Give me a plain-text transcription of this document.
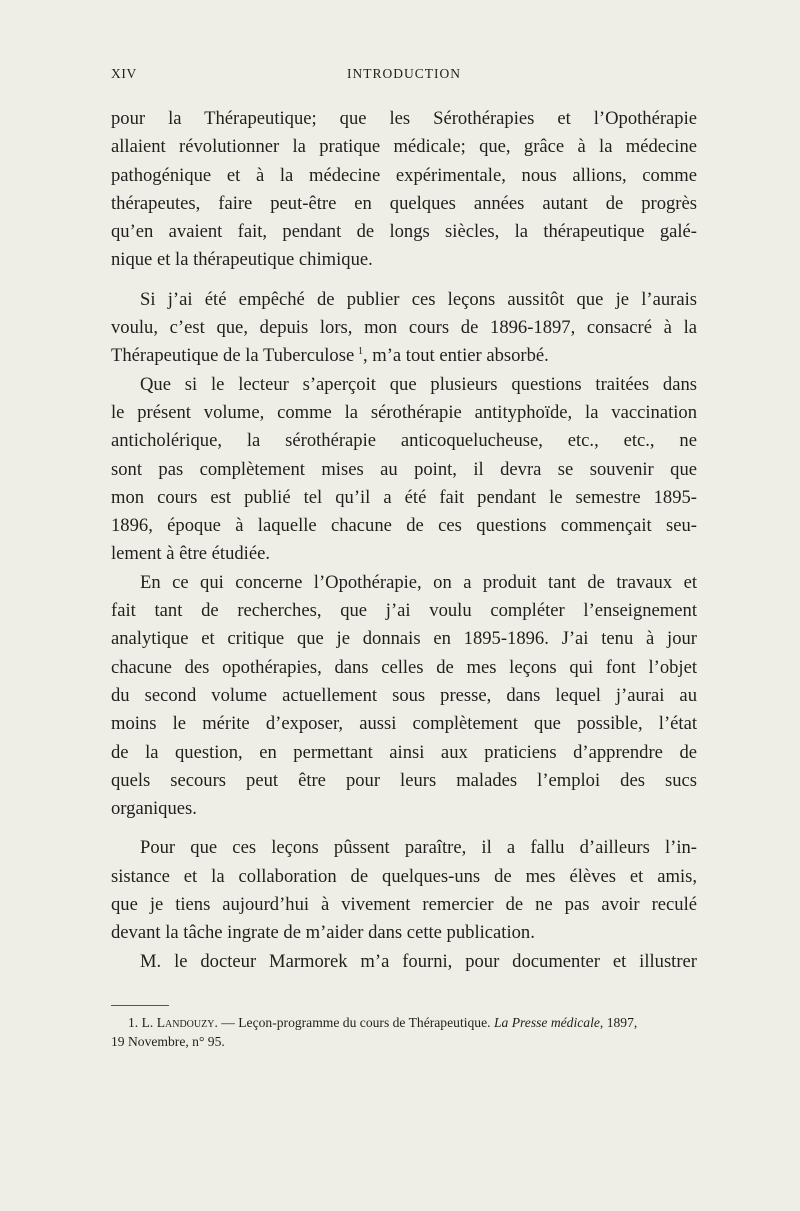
XIV	INTRODUCTION

pour la Thérapeutique; que les Sérothérapies et l’Opothérapie

allaient révolutionner la pratique médicale; que, grâce à la médecine

pathogénique et à la médecine expérimentale, nous allions, comme

thérapeutes, faire peut-être en quelques années autant de progrès

qu’en avaient fait, pendant de longs siècles, la thérapeutique galé-

nique et la thérapeutique chimique.

Si j’ai été empêché de publier ces leçons aussitôt que je l’aurais

voulu, c’est que, depuis lors, mon cours de 1896-1897, consacré à la

Thérapeutique de la Tuberculose  $^1$, m’a tout entier absorbé.

Que si le lecteur s’aperçoit que plusieurs questions traitées dans

le présent volume, comme la sérothérapie antityphoïde, la vaccination

anticholérique, la sérothérapie anticoquelucheuse, etc., etc., ne

sont pas complètement mises au point, il devra se souvenir que

mon cours est publié tel qu’il a été fait pendant le semestre 1895-

1896, époque à laquelle chacune de ces questions commençait seu-

lement à être étudiée.

En ce qui concerne l’Opothérapie, on a produit tant de travaux et

fait tant de recherches, que j’ai voulu compléter l’enseignement

analytique et critique que je donnais en 1895-1896. J’ai tenu à jour

chacune des opothérapies, dans celles de mes leçons qui font l’objet

du second volume actuellement sous presse, dans lequel j’aurai au

moins le mérite d’exposer, aussi complètement que possible, l’état

de la question, en permettant ainsi aux praticiens d’apprendre de

quels secours peut être pour leurs malades l’emploi des sucs

organiques.

Pour que ces leçons pûssent paraître, il a fallu d’ailleurs l’in-

sistance et la collaboration de quelques-uns de mes élèves et amis,

que je tiens aujourd’hui à vivement remercier de ne pas avoir reculé

devant la tâche ingrate de m’aider dans cette publication.

M. le docteur Marmorek m’a fourni, pour documenter et illustrer

1. L. Landouzy. — Leçon-programme du cours de Thérapeutique. La Presse médicale, 1897,
19 Novembre, n° 95.
